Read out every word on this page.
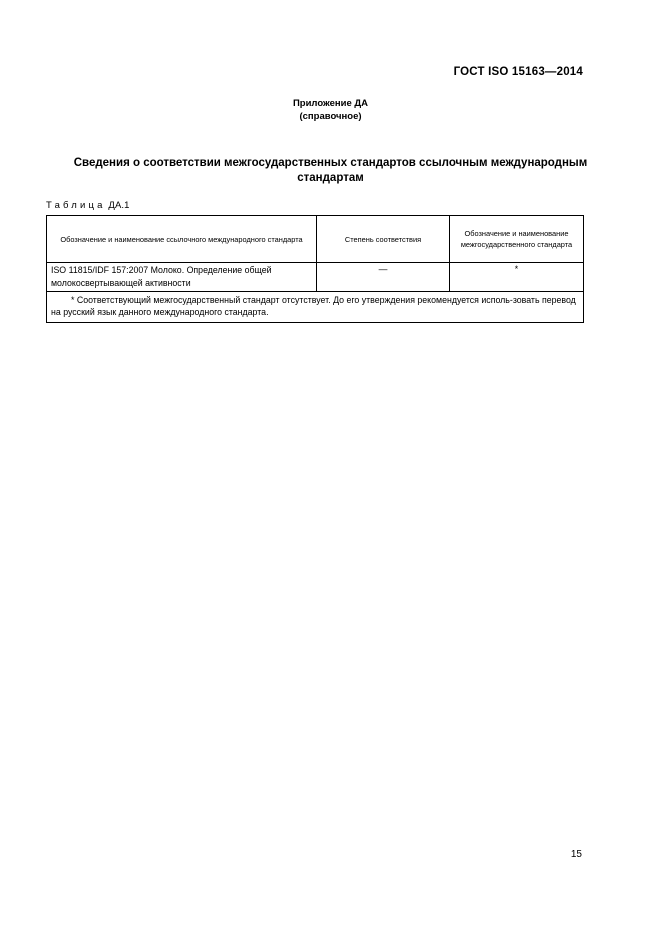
ГОСТ ISO 15163—2014
Приложение ДА
(справочное)
Сведения о соответствии межгосударственных стандартов ссылочным международным стандартам
Таблица ДА.1
Обозначение и наименование ссылочного международного стандарта	Степень соответствия	Обозначение и наименование межгосударственного стандарта

ISO 11815/IDF 157:2007 Молоко. Определение общей молокосвертывающей активности	—	*
* Соответствующий межгосударственный стандарт отсутствует. До его утверждения рекомендуется исполь-зовать перевод на русский язык данного международного стандарта.		
15
